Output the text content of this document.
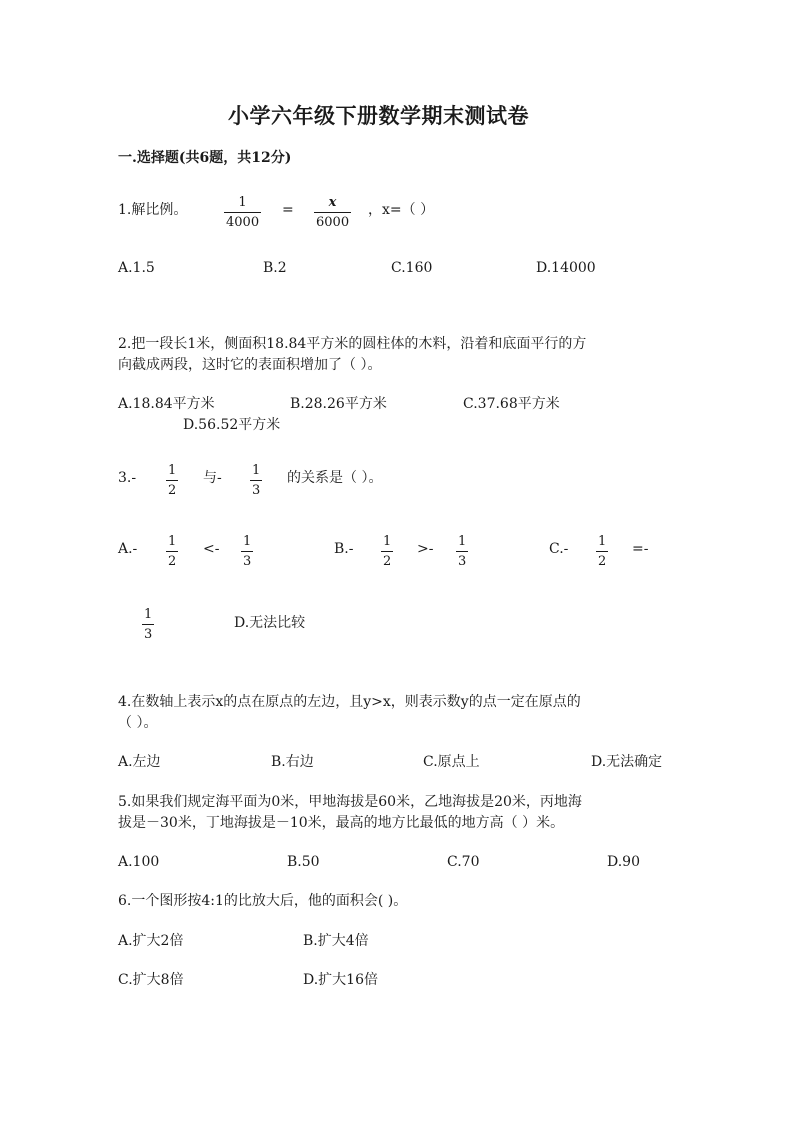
小学六年级下册数学期末测试卷
一.选择题(共6题，共12分)
1.解比例。	1
4000
=	x
6000
，x=（ ）
A.1.5	B.2	C.160	D.14000
2.把一段长1米，侧面积18.84平方米的圆柱体的木料，沿着和底面平行的方
向截成两段，这时它的表面积增加了（ ）。
A.18.84平方米	B.28.26平方米	C.37.68平方米
D.56.52平方米
3.- 1
2
与- 1
3
的关系是（ ）。
A.- 1
2
<- 1
3
B.- 1
2
>- 1
3
C.- 1
2
=-
1
3
D.无法比较
4.在数轴上表示x的点在原点的左边，且y>x，则表示数y的点一定在原点的
（ ）。
A.左边	B.右边	C.原点上	D.无法确定
5.如果我们规定海平面为0米，甲地海拔是60米，乙地海拔是20米，丙地海
拔是－30米，丁地海拔是－10米，最高的地方比最低的地方高（ ）米。
A.100	B.50	C.70	D.90
6.一个图形按4:1的比放大后，他的面积会( )。
A.扩大2倍	B.扩大4倍
C.扩大8倍	D.扩大16倍
